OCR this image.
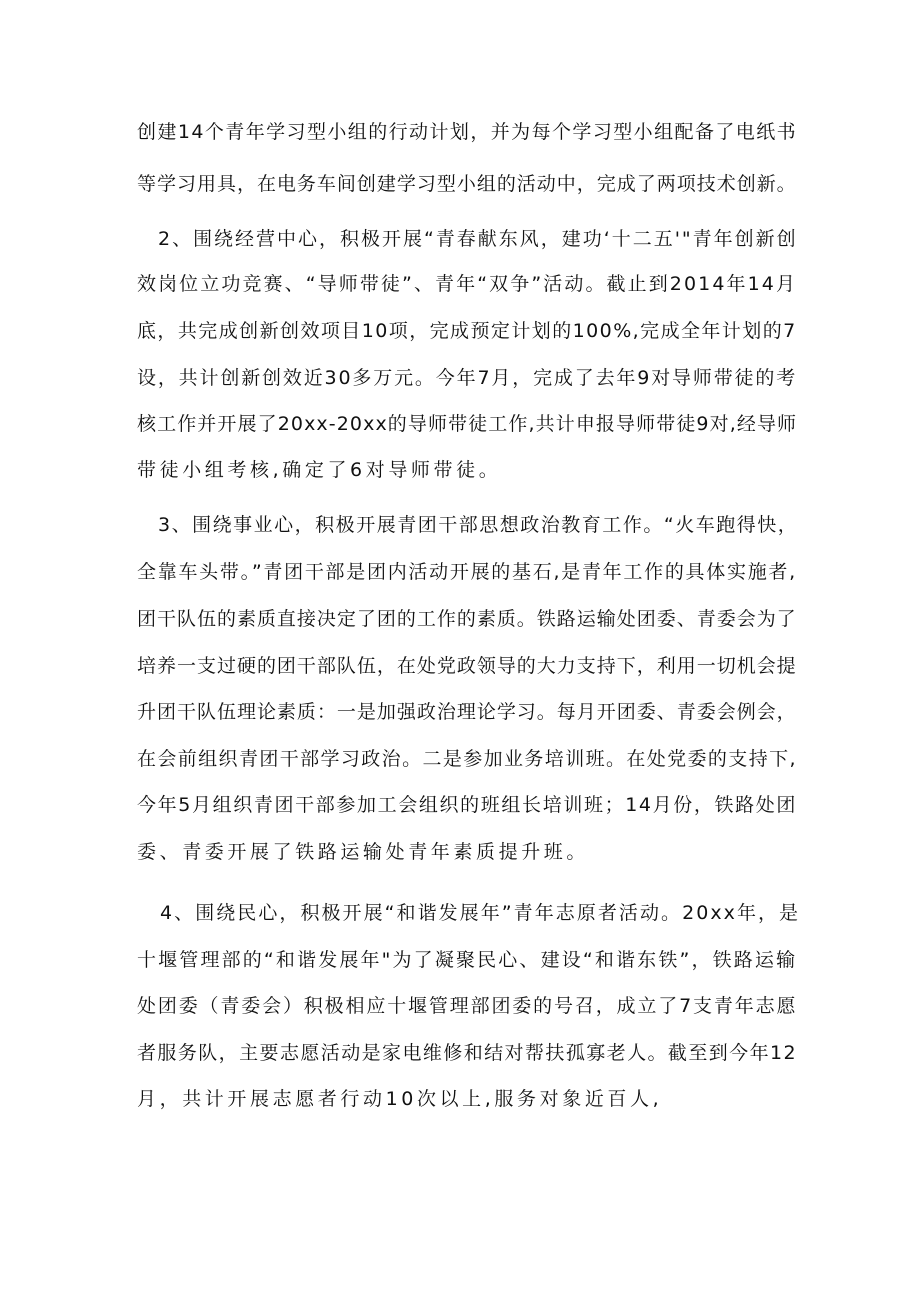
创建14个青年学习型小组的行动计划，并为每个学习型小组配备了电纸书
等学习用具，在电务车间创建学习型小组的活动中，完成了两项技术创新。
2、围绕经营中心，积极开展“青春献东风，建功‘十二五'"青年创新创
效岗位立功竞赛、“导师带徒”、青年“双争”活动。截止到2014年14月
底，共完成创新创效项目10项，完成预定计划的100%,完成全年计划的7
设，共计创新创效近30多万元。今年7月，完成了去年9对导师带徒的考
核工作并开展了20xx-20xx的导师带徒工作,共计申报导师带徒9对,经导师
带徒小组考核,确定了6对导师带徒。
3、围绕事业心，积极开展青团干部思想政治教育工作。“火车跑得快，
全靠车头带。”青团干部是团内活动开展的基石,是青年工作的具体实施者,
团干队伍的素质直接决定了团的工作的素质。铁路运输处团委、青委会为了
培养一支过硬的团干部队伍，在处党政领导的大力支持下，利用一切机会提
升团干队伍理论素质：一是加强政治理论学习。每月开团委、青委会例会，
在会前组织青团干部学习政治。二是参加业务培训班。在处党委的支持下,
今年5月组织青团干部参加工会组织的班组长培训班；14月份，铁路处团
委、青委开展了铁路运输处青年素质提升班。
4、围绕民心，积极开展“和谐发展年”青年志原者活动。20xx年，是
十堰管理部的“和谐发展年"为了凝聚民心、建设“和谐东铁”，铁路运输
处团委（青委会）积极相应十堰管理部团委的号召，成立了7支青年志愿
者服务队，主要志愿活动是家电维修和结对帮扶孤寡老人。截至到今年12
月，共计开展志愿者行动10次以上,服务对象近百人,
